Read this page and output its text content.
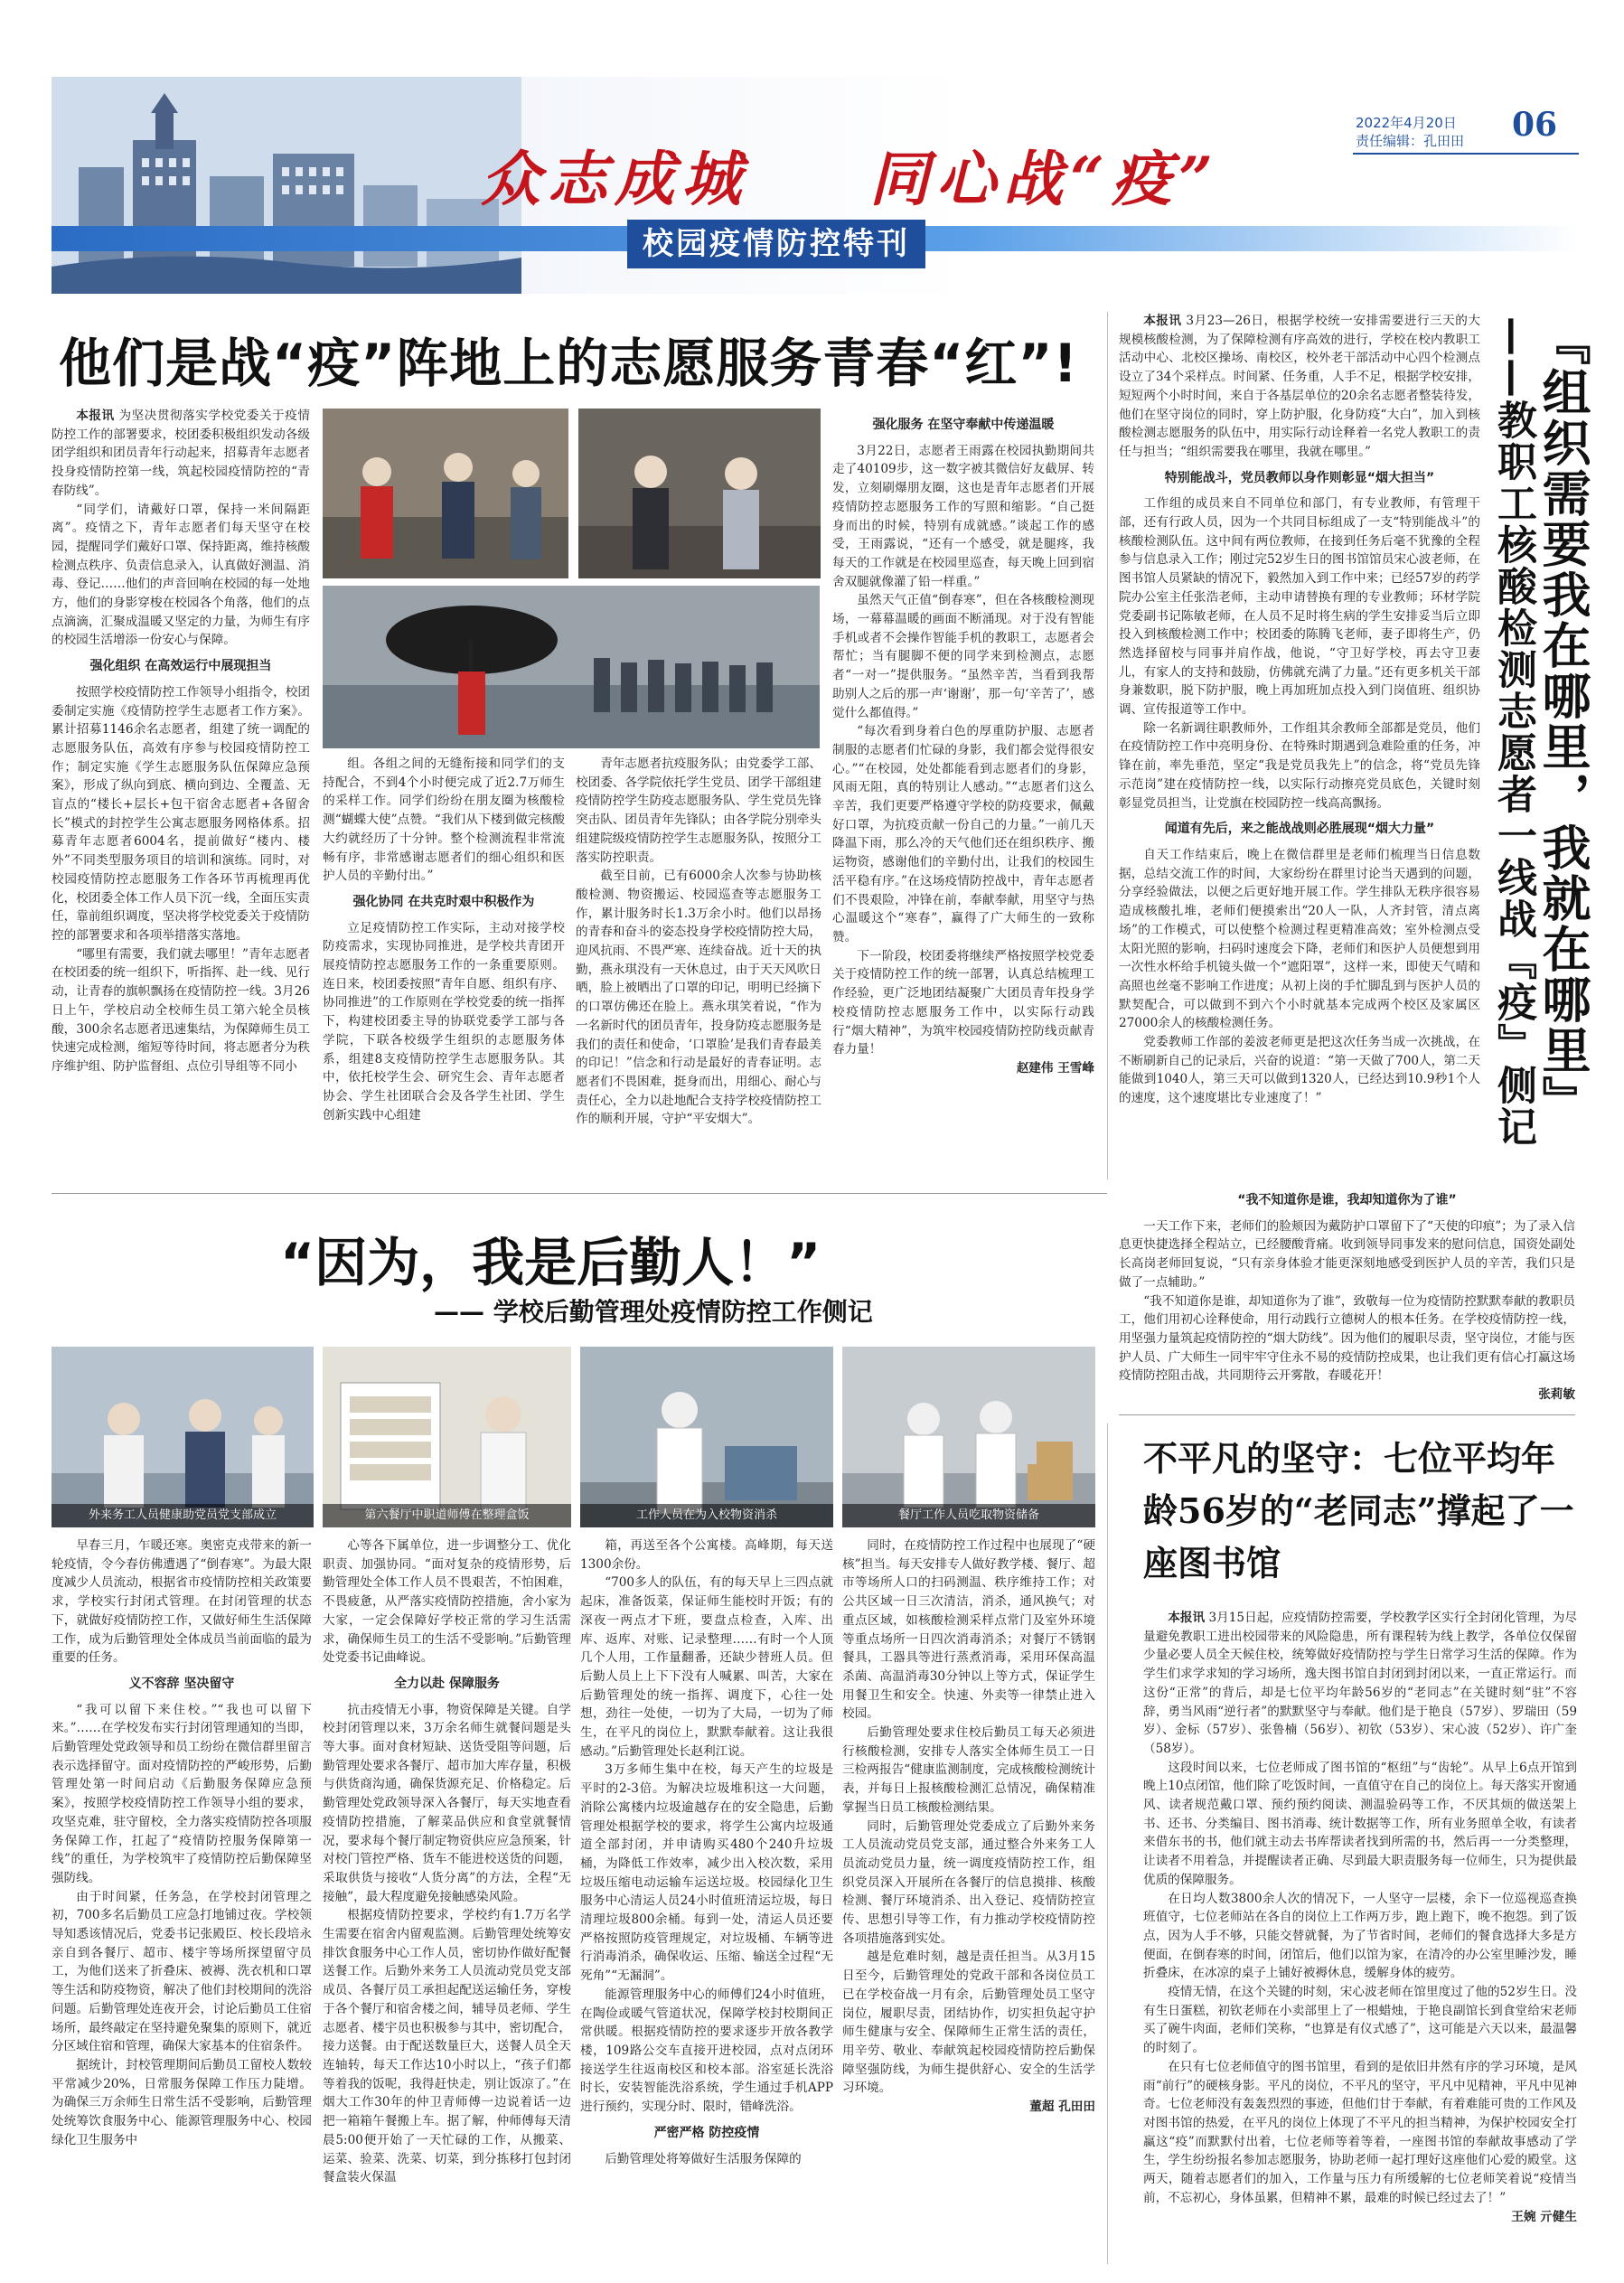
众志成城 同心战“疫”
校园疫情防控特刊
2022年4月20日
责任编辑：孔田田 06
他们是战“疫”阵地上的志愿服务青春“红”!

本报讯 为坚决贯彻落实学校党委关于疫情防控工作的部署要求，校团委积极组织发动各级团学组织和团员青年行动起来，招募青年志愿者投身疫情防控第一线，筑起校园疫情防控的“青春防线”。

“同学们，请戴好口罩，保持一米间隔距离”。疫情之下，青年志愿者们每天坚守在校园，提醒同学们戴好口罩、保持距离，维持核酸检测点秩序、负责信息录入，认真做好测温、消毒、登记……他们的声音回响在校园的每一处地方，他们的身影穿梭在校园各个角落，他们的点点滴滴，汇聚成温暖又坚定的力量，为师生有序的校园生活增添一份安心与保障。

强化组织 在高效运行中展现担当

按照学校疫情防控工作领导小组指令，校团委制定实施《疫情防控学生志愿者工作方案》。累计招募1146余名志愿者，组建了统一调配的志愿服务队伍，高效有序参与校园疫情防控工作；制定实施《学生志愿服务队伍保障应急预案》，形成了纵向到底、横向到边、全覆盖、无盲点的“楼长+层长+包干宿舍志愿者+各留舍长”模式的封控学生公寓志愿服务网格体系。招募青年志愿者6004名，提前做好“楼内、楼外”不同类型服务项目的培训和演练。同时，对校园疫情防控志愿服务工作各环节再梳理再优化，校团委全体工作人员下沉一线，全面压实责任，靠前组织调度，坚决将学校党委关于疫情防控的部署要求和各项举措落实落地。

“哪里有需要，我们就去哪里！”青年志愿者在校团委的统一组织下，听指挥、赴一线、见行动，让青春的旗帜飘扬在疫情防控一线。3月26日上午，学校启动全校师生员工第六轮全员核酸，300余名志愿者迅速集结，为保障师生员工快速完成检测，缩短等待时间，将志愿者分为秩序维护组、防护监督组、点位引导组等不同小

组。各组之间的无缝衔接和同学们的支持配合，不到4个小时便完成了近2.7万师生的采样工作。同学们纷纷在朋友圈为核酸检测“蝴蝶大使”点赞。“我们从下楼到做完核酸大约就经历了十分钟。整个检测流程非常流畅有序，非常感谢志愿者们的细心组织和医护人员的辛勤付出。”

强化协同 在共克时艰中积极作为

立足疫情防控工作实际，主动对接学校防疫需求，实现协同推进，是学校共青团开展疫情防控志愿服务工作的一条重要原则。连日来，校团委按照“青年自愿、组织有序、协同推进”的工作原则在学校党委的统一指挥下，构建校团委主导的协联党委学工部与各学院，下联各校级学生组织的志愿服务体系，组建8支疫情防控学生志愿服务队。其中，依托校学生会、研究生会、青年志愿者协会、学生社团联合会及各学生社团、学生创新实践中心组建

青年志愿者抗疫服务队；由党委学工部、校团委、各学院依托学生党员、团学干部组建疫情防控学生防疫志愿服务队、学生党员先锋突击队、团员青年先锋队；由各学院分别牵头组建院级疫情防控学生志愿服务队，按照分工落实防控职责。

截至目前，已有6000余人次参与协助核酸检测、物资搬运、校园巡查等志愿服务工作，累计服务时长1.3万余小时。他们以昂扬的青春和奋斗的姿态投身学校疫情防控大局，迎风抗雨、不畏严寒、连续奋战。近十天的执勤，燕永琪没有一天休息过，由于天天风吹日晒，脸上被晒出了口罩的印记，明明已经摘下的口罩仿佛还在脸上。燕永琪笑着说，“作为一名新时代的团员青年，投身防疫志愿服务是我们的责任和使命，‘口罩脸’是我们青春最美的印记！”信念和行动是最好的青春证明。志愿者们不畏困难，挺身而出，用细心、耐心与责任心，全力以赴地配合支持学校疫情防控工作的顺利开展，守护“平安烟大”。

强化服务 在坚守奉献中传递温暖

3月22日，志愿者王雨露在校园执勤期间共走了40109步，这一数字被其微信好友截屏、转发，立刻刷爆朋友圈，这也是青年志愿者们开展疫情防控志愿服务工作的写照和缩影。“自己挺身而出的时候，特别有成就感。”谈起工作的感受，王雨露说，“还有一个感受，就是腿疼，我每天的工作就是在校园里巡查，每天晚上回到宿舍双腿就像灌了铅一样重。”

虽然天气正值“倒春寒”，但在各核酸检测现场，一幕幕温暖的画面不断涌现。对于没有智能手机或者不会操作智能手机的教职工，志愿者会帮忙；当有腿脚不便的同学来到检测点，志愿者“一对一”提供服务。“虽然辛苦，当看到我帮助别人之后的那一声‘谢谢’，那一句‘辛苦了’，感觉什么都值得。”

“每次看到身着白色的厚重防护服、志愿者制服的志愿者们忙碌的身影，我们都会觉得很安心。”“在校园，处处都能看到志愿者们的身影，风雨无阻，真的特别让人感动。”“志愿者们这么辛苦，我们更要严格遵守学校的防疫要求，佩戴好口罩，为抗疫贡献一份自己的力量。”一前几天降温下雨，那么冷的天气他们还在组织秩序、搬运物资，感谢他们的辛勤付出，让我们的校园生活平稳有序。”在这场疫情防控战中，青年志愿者们不畏艰险，冲锋在前，奉献奉献，用坚守与热心温暖这个“寒春”，赢得了广大师生的一致称赞。

下一阶段，校团委将继续严格按照学校党委关于疫情防控工作的统一部署，认真总结梳理工作经验，更广泛地团结凝聚广大团员青年投身学校疫情防控志愿服务工作中，以实际行动践行“烟大精神”，为筑牢校园疫情防控防线贡献青春力量！

赵建伟 王雪峰	『组织需要我在哪里，我就在哪里』
——教职工核酸检测志愿者一线战『疫』侧记

本报讯 3月23—26日，根据学校统一安排需要进行三天的大规模核酸检测，为了保障检测有序高效的进行，学校在校内教职工活动中心、北校区操场、南校区，校外老干部活动中心四个检测点设立了34个采样点。时间紧、任务重，人手不足，根据学校安排，短短两个小时时间，来自于各基层单位的20余名志愿者整装待发，他们在坚守岗位的同时，穿上防护服，化身防疫“大白”，加入到核酸检测志愿服务的队伍中，用实际行动诠释着一名党人教职工的责任与担当；“组织需要我在哪里，我就在哪里。”

特别能战斗，党员教师以身作则彰显“烟大担当”

工作组的成员来自不同单位和部门，有专业教师，有管理干部，还有行政人员，因为一个共同目标组成了一支“特别能战斗”的核酸检测队伍。这中间有两位教师，在接到任务后毫不犹豫的全程参与信息录入工作；刚过完52岁生日的图书馆馆员宋心波老师，在图书馆人员紧缺的情况下，毅然加入到工作中来；已经57岁的药学院办公室主任张浩老师，主动申请替换有理的专业教师；环材学院党委副书记陈敏老师，在人员不足时将生病的学生安排妥当后立即投入到核酸检测工作中；校团委的陈腾飞老师，妻子即将生产，仍然选择留校与同事并肩作战，他说，“守卫好学校，再去守卫妻儿，有家人的支持和鼓励，仿佛就充满了力量。”还有更多机关干部身兼数职，脱下防护服，晚上再加班加点投入到门岗值班、组织协调、宣传报道等工作中。

除一名新调往职教师外，工作组其余教师全部都是党员，他们在疫情防控工作中亮明身份、在特殊时期遇到急难险重的任务，冲锋在前，率先垂范，坚定“我是党员我先上”的信念，将“党员先锋示范岗”建在疫情防控一线，以实际行动擦亮党员底色，关键时刻彰显党员担当，让党旗在校园防控一线高高飘扬。

闻道有先后，来之能战战则必胜展现“烟大力量”

自天工作结束后，晚上在微信群里是老师们梳理当日信息数据，总结交流工作的时间，大家纷纷在群里讨论当天遇到的问题，分享经验做法，以便之后更好地开展工作。学生排队无秩序很容易造成核酸扎堆，老师们便摸索出“20人一队，人齐封管，清点离场”的工作模式，可以使整个检测过程更精准高效；室外检测点受太阳光照的影响，扫码时速度会下降，老师们和医护人员便想到用一次性水杯给手机镜头做一个“遮阳罩”，这样一来，即使天气晴和高照也丝毫不影响工作进度；从初上岗的手忙脚乱到与医护人员的默契配合，可以做到不到六个小时就基本完成两个校区及家属区27000余人的核酸检测任务。

党委教师工作部的姜波老师更是把这次任务当成一次挑战，在不断刷新自己的记录后，兴奋的说道：“第一天做了700人，第二天能做到1040人，第三天可以做到1320人，已经达到10.9秒1个人的速度，这个速度堪比专业速度了！”

“我不知道你是谁，我却知道你为了谁”

一天工作下来，老师们的脸颊因为戴防护口罩留下了“天使的印痕”；为了录入信息更快捷选择全程站立，已经腰酸背痛。收到领导同事发来的慰问信息，国资处副处长高岗老师回复说，“只有亲身体验才能更深刻地感受到医护人员的辛苦，我们只是做了一点辅助。”

“我不知道你是谁，却知道你为了谁”，致敬每一位为疫情防控默默奉献的教职员工，他们用初心诠释使命，用行动践行立德树人的根本任务。在学校疫情防控一线，用坚强力量筑起疫情防控的“烟大防线”。因为他们的履职尽责，坚守岗位，才能与医护人员、广大师生一同牢牢守住永不易的疫情防控成果，也让我们更有信心打赢这场疫情防控阻击战，共同期待云开雾散，春暖花开！

张莉敏

“因为，我是后勤人！”
—— 学校后勤管理处疫情防控工作侧记
外来务工人员健康助党员党支部成立	第六餐厅中职道师傅在整理盒饭	工作人员在为入校物资消杀	餐厅工作人员吃取物资储备

早春三月，乍暖还寒。奥密克戎带来的新一轮疫情，令今春仿佛遭遇了“倒春寒”。为最大限度减少人员流动，根据省市疫情防控相关政策要求，学校实行封闭式管理。在封闭管理的状态下，就做好疫情防控工作，又做好师生生活保障工作，成为后勤管理处全体成员当前面临的最为重要的任务。

义不容辞 坚决留守

“我可以留下来住校。”“我也可以留下来。”……在学校发布实行封闭管理通知的当即，后勤管理处党政领导和员工纷纷在微信群里留言表示选择留守。面对疫情防控的严峻形势，后勤管理处第一时间启动《后勤服务保障应急预案》，按照学校疫情防控工作领导小组的要求，攻坚克难，驻守留校，全力落实疫情防控各项服务保障工作，扛起了“疫情防控服务保障第一线”的重任，为学校筑牢了疫情防控后勤保障坚强防线。

由于时间紧，任务急，在学校封闭管理之初，700多名后勤员工应急打地铺过夜。学校领导知悉该情况后，党委书记张殿臣、校长段培永亲自到各餐厅、超市、楼宇等场所探望留守员工，为他们送来了折叠床、被褥、洗衣机和口罩等生活和防疫物资，解决了他们封校期间的洗浴问题。后勤管理处连夜开会，讨论后勤员工住宿场所，最终敲定在坚持避免聚集的原则下，就近分区域住宿和管理，确保大家基本的住宿条件。

据统计，封校管理期间后勤员工留校人数较平常减少20%，日常服务保障工作压力陡增。为确保三万余师生日常生活不受影响，后勤管理处统筹饮食服务中心、能源管理服务中心、校园绿化卫生服务中

心等各下属单位，进一步调整分工、优化职责、加强协同。“面对复杂的疫情形势，后勤管理处全体工作人员不畏艰苦，不怕困难，不畏疲惫，从严落实疫情防控措施，舍小家为大家，一定会保障好学校正常的学习生活需求，确保师生员工的生活不受影响。”后勤管理处党委书记曲峰说。

全力以赴 保障服务

抗击疫情无小事，物资保障是关键。自学校封闭管理以来，3万余名师生就餐问题是头等大事。面对食材短缺、送货受阻等问题，后勤管理处要求各餐厅、超市加大库存量，积极与供货商沟通，确保货源充足、价格稳定。后勤管理处党政领导深入各餐厅，每天实地查看疫情防控措施，了解菜品供应和食堂就餐情况，要求每个餐厅制定物资供应应急预案，针对校门管控严格、货车不能进校送货的问题，采取供货与接收“人货分离”的方法，全程“无接触”，最大程度避免接触感染风险。

根据疫情防控要求，学校约有1.7万名学生需要在宿舍内留观监测。后勤管理处统筹安排饮食服务中心工作人员，密切协作做好配餐送餐工作。后勤外来务工人员流动党员党支部成员、各餐厅员工承担起配送运输任务，穿梭于各个餐厅和宿舍楼之间，辅导员老师、学生志愿者、楼宇员也积极参与其中，密切配合，接力送餐。由于配送数量巨大，送餐人员全天连轴转，每天工作达10小时以上，“孩子们都等着我的饭呢，我得赶快走，别让饭凉了。”在烟大工作30年的仲卫青师傅一边说着话一边把一箱箱午餐搬上车。据了解，仲师傅每天清晨5:00便开始了一天忙碌的工作，从搬菜、运菜、验菜、洗菜、切菜，到分拣移打包封闭餐盒装火保温

箱，再送至各个公寓楼。高峰期，每天送1300余份。

“700多人的队伍，有的每天早上三四点就起床，准备饭菜，保证师生能校时开饭；有的深夜一两点才下班，要盘点检查，入库、出库、返库、对账、记录整理……有时一个人顶几个人用，工作量翻番，还缺少替班人员。但后勤人员上上下下没有人喊累、叫苦，大家在后勤管理处的统一指挥、调度下，心往一处想，劲往一处使，一切为了大局，一切为了师生，在平凡的岗位上，默默奉献着。这让我很感动。”后勤管理处长赵利江说。

3万多师生集中在校，每天产生的垃圾是平时的2-3倍。为解决垃圾堆积这一大问题，消除公寓楼内垃圾逾越存在的安全隐患，后勤管理处根据学校的要求，将学生公寓内垃圾通道全部封闭，并申请购买480个240升垃圾桶，为降低工作效率，减少出入校次数，采用垃圾压缩电动运输车运送垃圾。校园绿化卫生服务中心清运人员24小时值班清运垃圾，每日清理垃圾800余桶。每到一处，清运人员还要严格按照防疫管理规定，对垃圾桶、车辆等进行消毒消杀，确保收运、压缩、输送全过程“无死角”“无漏洞”。

能源管理服务中心的师傅们24小时值班，在陶俭或暖气管道状况，保障学校封校期间正常供暖。根据疫情防控的要求逐步开放各教学楼，109路公交车直接开进校园，点对点闭环接送学生往返南校区和校本部。浴室延长洗浴时长，安装智能洗浴系统，学生通过手机APP进行预约，实现分时、限时，错峰洗浴。

严密严格 防控疫情

后勤管理处将筹做好生活服务保障的

同时，在疫情防控工作过程中也展现了“硬核”担当。每天安排专人做好教学楼、餐厅、超市等场所人口的扫码测温、秩序维持工作；对公共区域一日三次清洁，消杀，通风换气；对重点区域，如核酸检测采样点常门及室外环境等重点场所一日四次消毒消杀；对餐厅不锈钢餐具，工器具等进行蒸煮消毒，采用环保高温杀菌、高温消毒30分钟以上等方式，保证学生用餐卫生和安全。快速、外卖等一律禁止进入校园。

后勤管理处要求住校后勤员工每天必须进行核酸检测，安排专人落实全体师生员工一日三检两报告“健康监测制度，完成核酸检测统计表，并每日上报核酸检测汇总情况，确保精准掌握当日员工核酸检测结果。

同时，后勤管理处党委成立了后勤外来务工人员流动党员党支部，通过整合外来务工人员流动党员力量，统一调度疫情防控工作，组织党员深入开展所在各餐厅的信息摸排、核酸检测、餐厅环境消杀、出入登记、疫情防控宣传、思想引导等工作，有力推动学校疫情防控各项措施落到实处。

越是危难时刻，越是责任担当。从3月15日至今，后勤管理处的党政干部和各岗位员工已在学校奋战一月有余，后勤管理处员工坚守岗位，履职尽责，团结协作，切实担负起守护师生健康与安全、保障师生正常生活的责任，用辛劳、敬业、奉献筑起校园疫情防控后勤保障坚强防线，为师生提供舒心、安全的生活学习环境。

董超 孔田田

不平凡的坚守：七位平均年龄56岁的“老同志”撑起了一座图书馆

本报讯 3月15日起，应疫情防控需要，学校教学区实行全封闭化管理，为尽量避免教职工进出校园带来的风险隐患，所有课程转为线上教学，各单位仅保留少量必要人员全天候住校，统筹做好疫情防控与学生日常学习生活的保障。作为学生们求学求知的学习场所，逸夫图书馆自封闭到封闭以来，一直正常运行。而这份“正常”的背后，却是七位平均年龄56岁的“老同志”在关键时刻“驻”不容辞，勇当风雨“逆行者”的默默坚守与奉献。他们是于艳良（57岁）、罗瑞田（59岁）、金标（57岁）、张鲁楠（56岁）、初钦（53岁）、宋心波（52岁）、许广奎（58岁）。

这段时间以来，七位老师成了图书馆的“枢纽”与“齿轮”。从早上6点开馆到晚上10点闭馆，他们除了吃饭时间，一直值守在自己的岗位上。每天落实开窗通风、读者规范戴口罩、预约预约阅读、测温验码等工作，不厌其烦的做送架上书、还书、分类编目、图书消毒、统计数据等工作，所有业务照单全收，有读者来借东书的书，他们就主动去书库帮读者找到所需的书，然后再一一分类整理，让读者不用着急，并提醒读者正确、尽到最大职责服务每一位师生，只为提供最优质的保障服务。

在日均人数3800余人次的情况下，一人坚守一层楼，余下一位巡视巡查换班值守，七位老师站在各自的岗位上工作两万步，跑上跑下，晚不抱怨。到了饭点，因为人手不够，只能交替就餐，为了节省时间，老师们的餐食选择大多是方便面，在倒春寒的时间，闭馆后，他们以馆为家，在清冷的办公室里睡沙发，睡折叠床，在冰凉的桌子上铺好被褥休息，缓解身体的疲劳。

疫情无情，在这个关键的时刻，宋心波老师在馆里度过了他的52岁生日。没有生日蛋糕，初钦老师在小卖部里上了一根蜡烛，于艳良副馆长到食堂给宋老师买了碗牛肉面，老师们笑称，“也算是有仪式感了”，这可能是六天以来，最温馨的时刻了。

在只有七位老师值守的图书馆里，看到的是依旧井然有序的学习环境，是风雨“前行”的硬核身影。平凡的岗位，不平凡的坚守，平凡中见精神，平凡中见神奇。七位老师没有轰轰烈烈的事迹，但他们甘于奉献，有着难能可贵的工作风及对图书馆的热爱，在平凡的岗位上体现了不平凡的担当精神，为保护校园安全打赢这“疫”而默默付出着，七位老师等着等着，一座图书馆的奉献故事感动了学生，学生纷纷报名参加志愿服务，协助老师一起打理好这座他们心爱的殿堂。这两天，随着志愿者们的加入，工作量与压力有所缓解的七位老师笑着说“疫情当前，不忘初心，身体虽累，但精神不累，最难的时候已经过去了！”

王婉 亓健生
